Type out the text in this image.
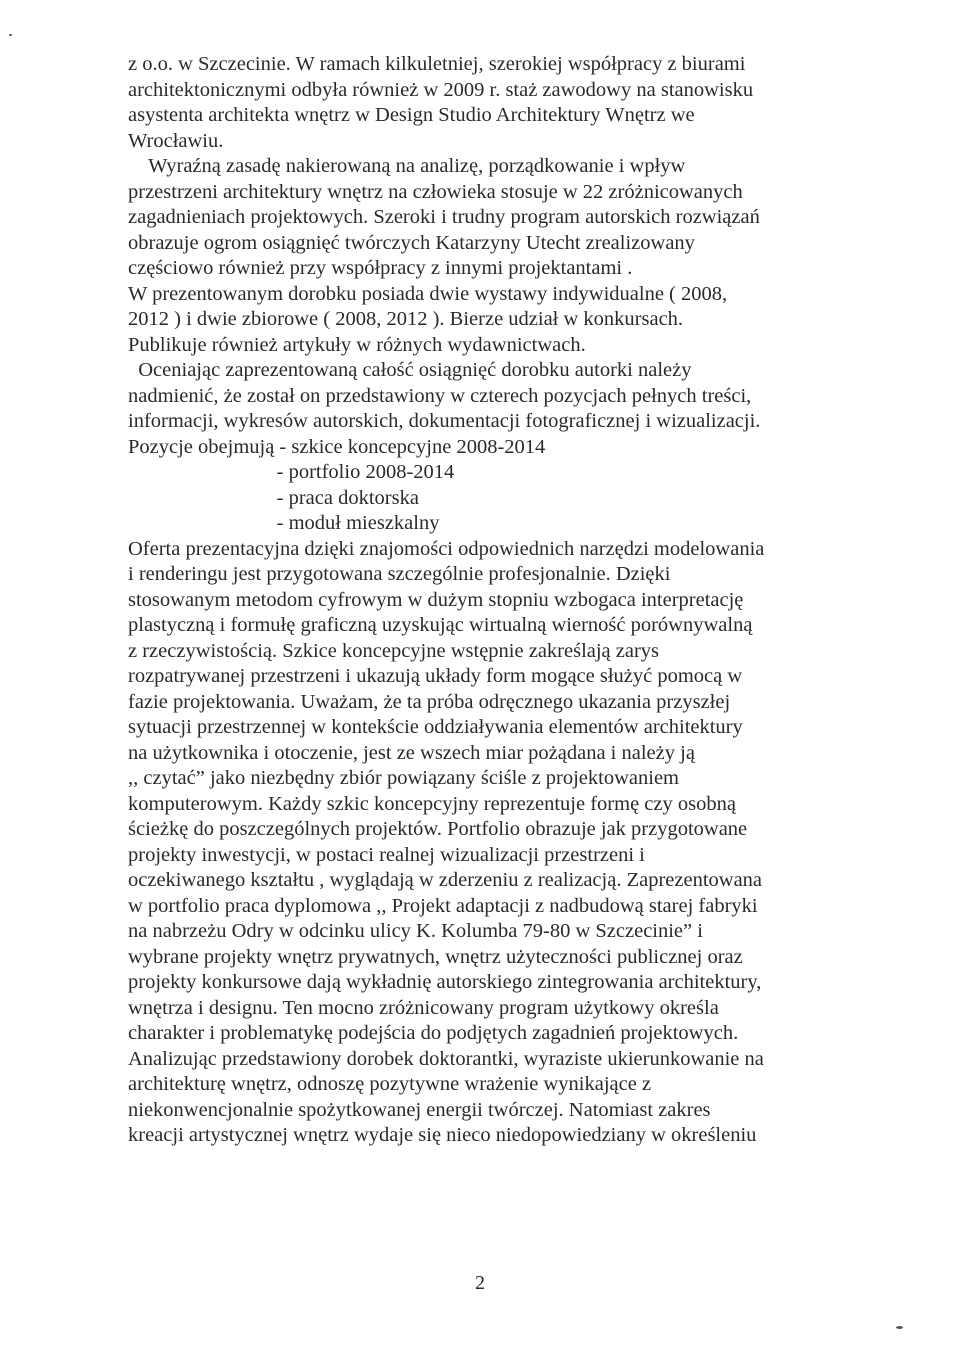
z o.o. w Szczecinie. W ramach kilkuletniej, szerokiej współpracy z biurami
architektonicznymi odbyła również w 2009 r. staż zawodowy na stanowisku
asystenta architekta wnętrz w Design Studio Architektury Wnętrz we
Wrocławiu.
Wyraźną zasadę nakierowaną na analizę, porządkowanie i wpływ
przestrzeni architektury wnętrz na człowieka stosuje w 22 zróżnicowanych
zagadnieniach projektowych. Szeroki i trudny program autorskich rozwiązań
obrazuje ogrom osiągnięć twórczych Katarzyny Utecht zrealizowany
częściowo również przy współpracy z innymi projektantami .
W prezentowanym dorobku posiada dwie wystawy indywidualne ( 2008,
2012 ) i dwie zbiorowe ( 2008, 2012 ). Bierze udział w konkursach.
Publikuje również artykuły w różnych wydawnictwach.
Oceniając zaprezentowaną całość osiągnięć dorobku autorki należy
nadmienić, że został on przedstawiony w czterech pozycjach pełnych treści,
informacji, wykresów autorskich, dokumentacji fotograficznej i wizualizacji.
Pozycje obejmują - szkice koncepcyjne 2008-2014
- portfolio 2008-2014
- praca doktorska
- moduł mieszkalny
Oferta prezentacyjna dzięki znajomości odpowiednich narzędzi modelowania
i renderingu jest przygotowana szczególnie profesjonalnie. Dzięki
stosowanym metodom cyfrowym w dużym stopniu wzbogaca interpretację
plastyczną i formułę graficzną uzyskując wirtualną wierność porównywalną
z rzeczywistością. Szkice koncepcyjne wstępnie zakreślają zarys
rozpatrywanej przestrzeni i ukazują układy form mogące służyć pomocą w
fazie projektowania. Uważam, że ta próba odręcznego ukazania przyszłej
sytuacji przestrzennej w kontekście oddziaływania elementów architektury
na użytkownika i otoczenie, jest ze wszech miar pożądana i należy ją
,, czytać” jako niezbędny zbiór powiązany ściśle z projektowaniem
komputerowym. Każdy szkic koncepcyjny reprezentuje formę czy osobną
ścieżkę do poszczególnych projektów. Portfolio obrazuje jak przygotowane
projekty inwestycji, w postaci realnej wizualizacji przestrzeni i
oczekiwanego kształtu , wyglądają w zderzeniu z realizacją. Zaprezentowana
w portfolio praca dyplomowa ,, Projekt adaptacji z nadbudową starej fabryki
na nabrzeżu Odry w odcinku ulicy K. Kolumba 79-80 w Szczecinie” i
wybrane projekty wnętrz prywatnych, wnętrz użyteczności publicznej oraz
projekty konkursowe dają wykładnię autorskiego zintegrowania architektury,
wnętrza i designu. Ten mocno zróżnicowany program użytkowy określa
charakter i problematykę podejścia do podjętych zagadnień projektowych.
Analizując przedstawiony dorobek doktorantki, wyraziste ukierunkowanie na
architekturę wnętrz, odnoszę pozytywne wrażenie wynikające z
niekonwencjonalnie spożytkowanej energii twórczej. Natomiast zakres
kreacji artystycznej wnętrz wydaje się nieco niedopowiedziany w określeniu
2
